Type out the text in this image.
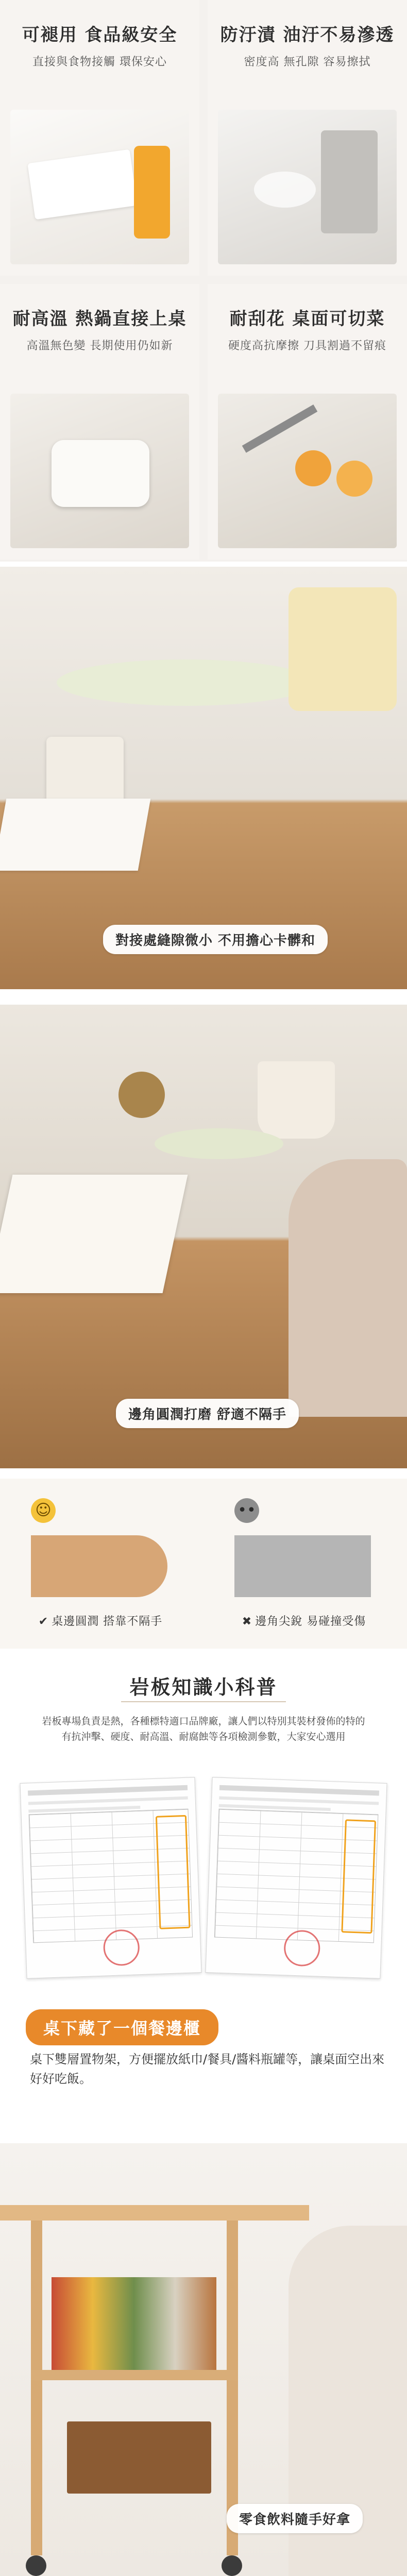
可褪用 食品級安全
直接與食物接觸 環保安心
防汙漬 油汙不易滲透
密度高 無孔隙 容易擦拭
耐高溫 熱鍋直接上桌
高溫無色變 長期使用仍如新
耐刮花 桌面可切菜
硬度高抗摩擦 刀具割過不留痕
對接處縫隙微小 不用擔心卡髒和
邊角圓潤打磨 舒適不隔手
☺
✔ 桌邊圓潤 搭靠不隔手
••
✖ 邊角尖銳 易碰撞受傷
岩板知識小科普
岩板專場負責是熱，各種標特適口品牌廠，讓人們以特別其裝材發佈的特的有抗沖擊、硬度、耐高溫、耐腐蝕等各項檢測參數，大家安心選用
桌下藏了一個餐邊櫃
桌下雙層置物架，方便擺放紙巾/餐具/醬料瓶罐等，讓桌面空出來好好吃飯。
零食飲料隨手好拿
